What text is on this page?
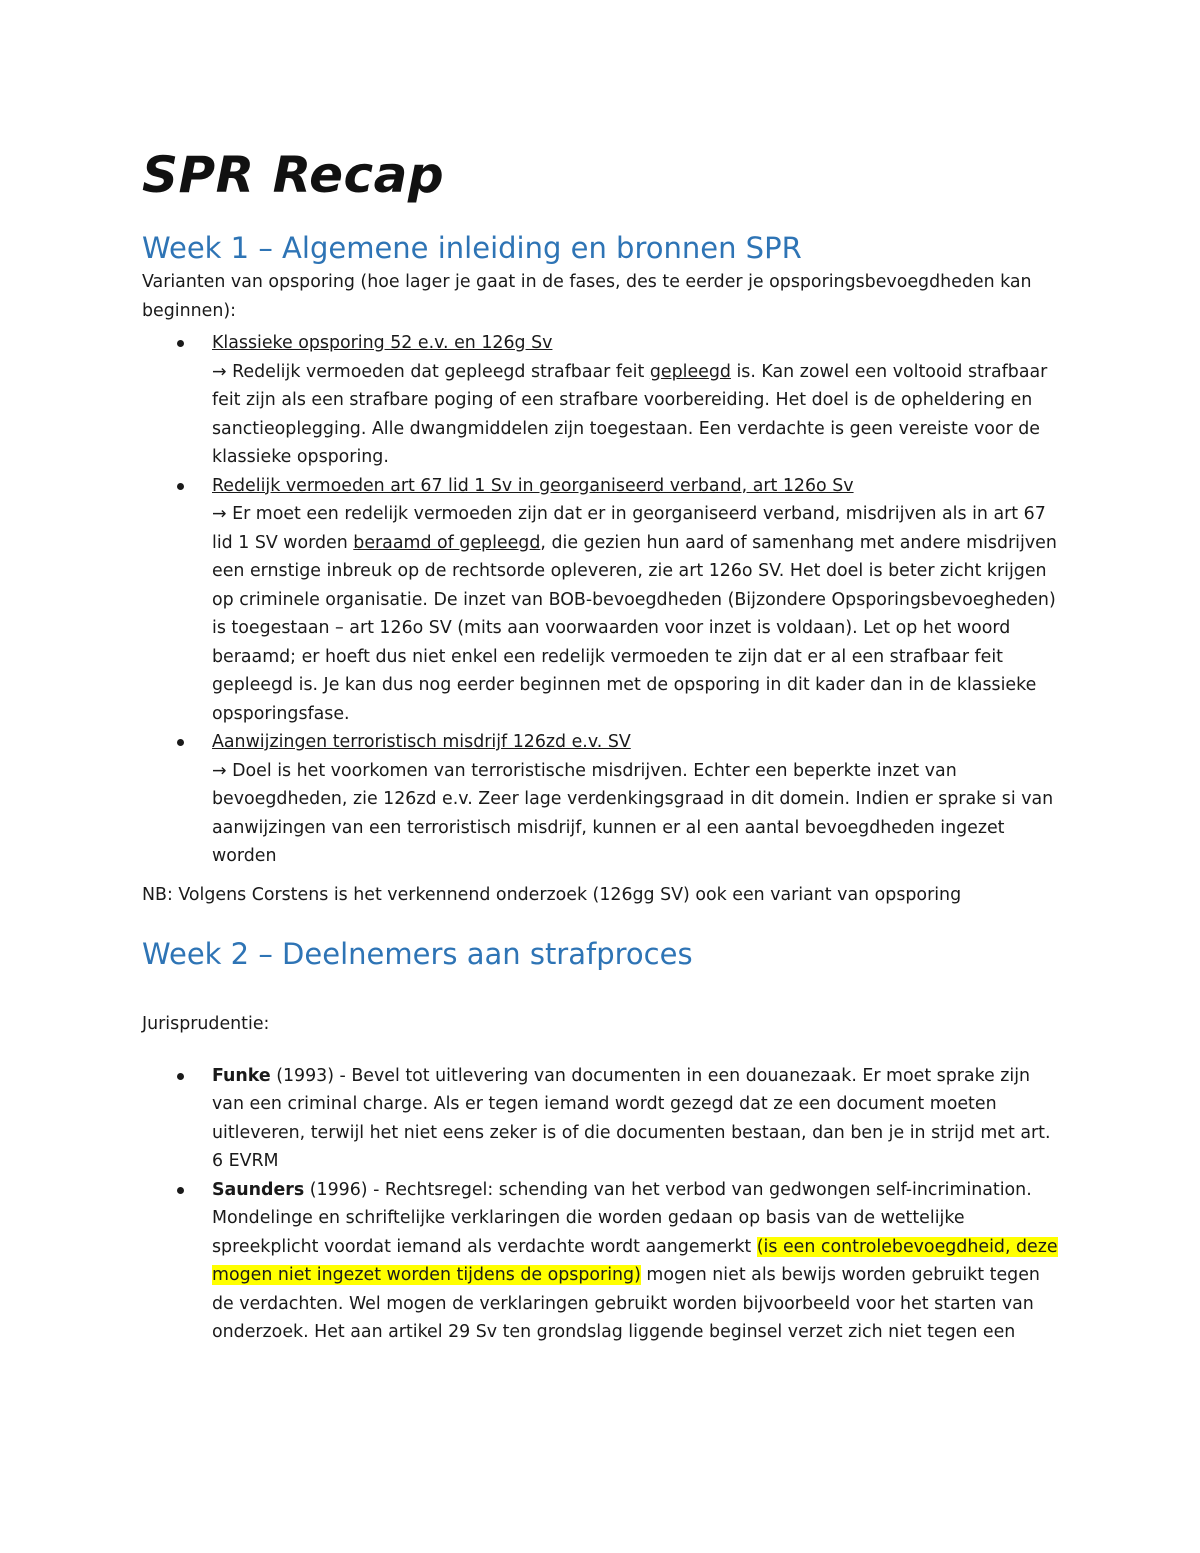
SPR Recap
Week 1 – Algemene inleiding en bronnen SPR

Varianten van opsporing (hoe lager je gaat in de fases, des te eerder je opsporingsbevoegdheden kan beginnen):

Klassieke opsporing 52 e.v. en 126g Sv
→ Redelijk vermoeden dat gepleegd strafbaar feit gepleegd is. Kan zowel een voltooid strafbaar feit zijn als een strafbare poging of een strafbare voorbereiding. Het doel is de opheldering en sanctieoplegging. Alle dwangmiddelen zijn toegestaan. Een verdachte is geen vereiste voor de klassieke opsporing.
Redelijk vermoeden art 67 lid 1 Sv in georganiseerd verband, art 126o Sv
→ Er moet een redelijk vermoeden zijn dat er in georganiseerd verband, misdrijven als in art 67 lid 1 SV worden beraamd of gepleegd, die gezien hun aard of samenhang met andere misdrijven een ernstige inbreuk op de rechtsorde opleveren, zie art 126o SV. Het doel is beter zicht krijgen op criminele organisatie. De inzet van BOB-bevoegdheden (Bijzondere Opsporingsbevoegheden) is toegestaan – art 126o SV (mits aan voorwaarden voor inzet is voldaan). Let op het woord beraamd; er hoeft dus niet enkel een redelijk vermoeden te zijn dat er al een strafbaar feit gepleegd is. Je kan dus nog eerder beginnen met de opsporing in dit kader dan in de klassieke opsporingsfase.
Aanwijzingen terroristisch misdrijf 126zd e.v. SV
→ Doel is het voorkomen van terroristische misdrijven. Echter een beperkte inzet van bevoegdheden, zie 126zd e.v. Zeer lage verdenkingsgraad in dit domein. Indien er sprake si van aanwijzingen van een terroristisch misdrijf, kunnen er al een aantal bevoegdheden ingezet worden

NB: Volgens Corstens is het verkennend onderzoek (126gg SV) ook een variant van opsporing

Week 2 – Deelnemers aan strafproces

Jurisprudentie:

Funke (1993) - Bevel tot uitlevering van documenten in een douanezaak. Er moet sprake zijn van een criminal charge. Als er tegen iemand wordt gezegd dat ze een document moeten uitleveren, terwijl het niet eens zeker is of die documenten bestaan, dan ben je in strijd met art. 6 EVRM
Saunders (1996) - Rechtsregel: schending van het verbod van gedwongen self-incrimination. Mondelinge en schriftelijke verklaringen die worden gedaan op basis van de wettelijke spreekplicht voordat iemand als verdachte wordt aangemerkt (is een controlebevoegdheid, deze mogen niet ingezet worden tijdens de opsporing) mogen niet als bewijs worden gebruikt tegen de verdachten. Wel mogen de verklaringen gebruikt worden bijvoorbeeld voor het starten van onderzoek. Het aan artikel 29 Sv ten grondslag liggende beginsel verzet zich niet tegen een
